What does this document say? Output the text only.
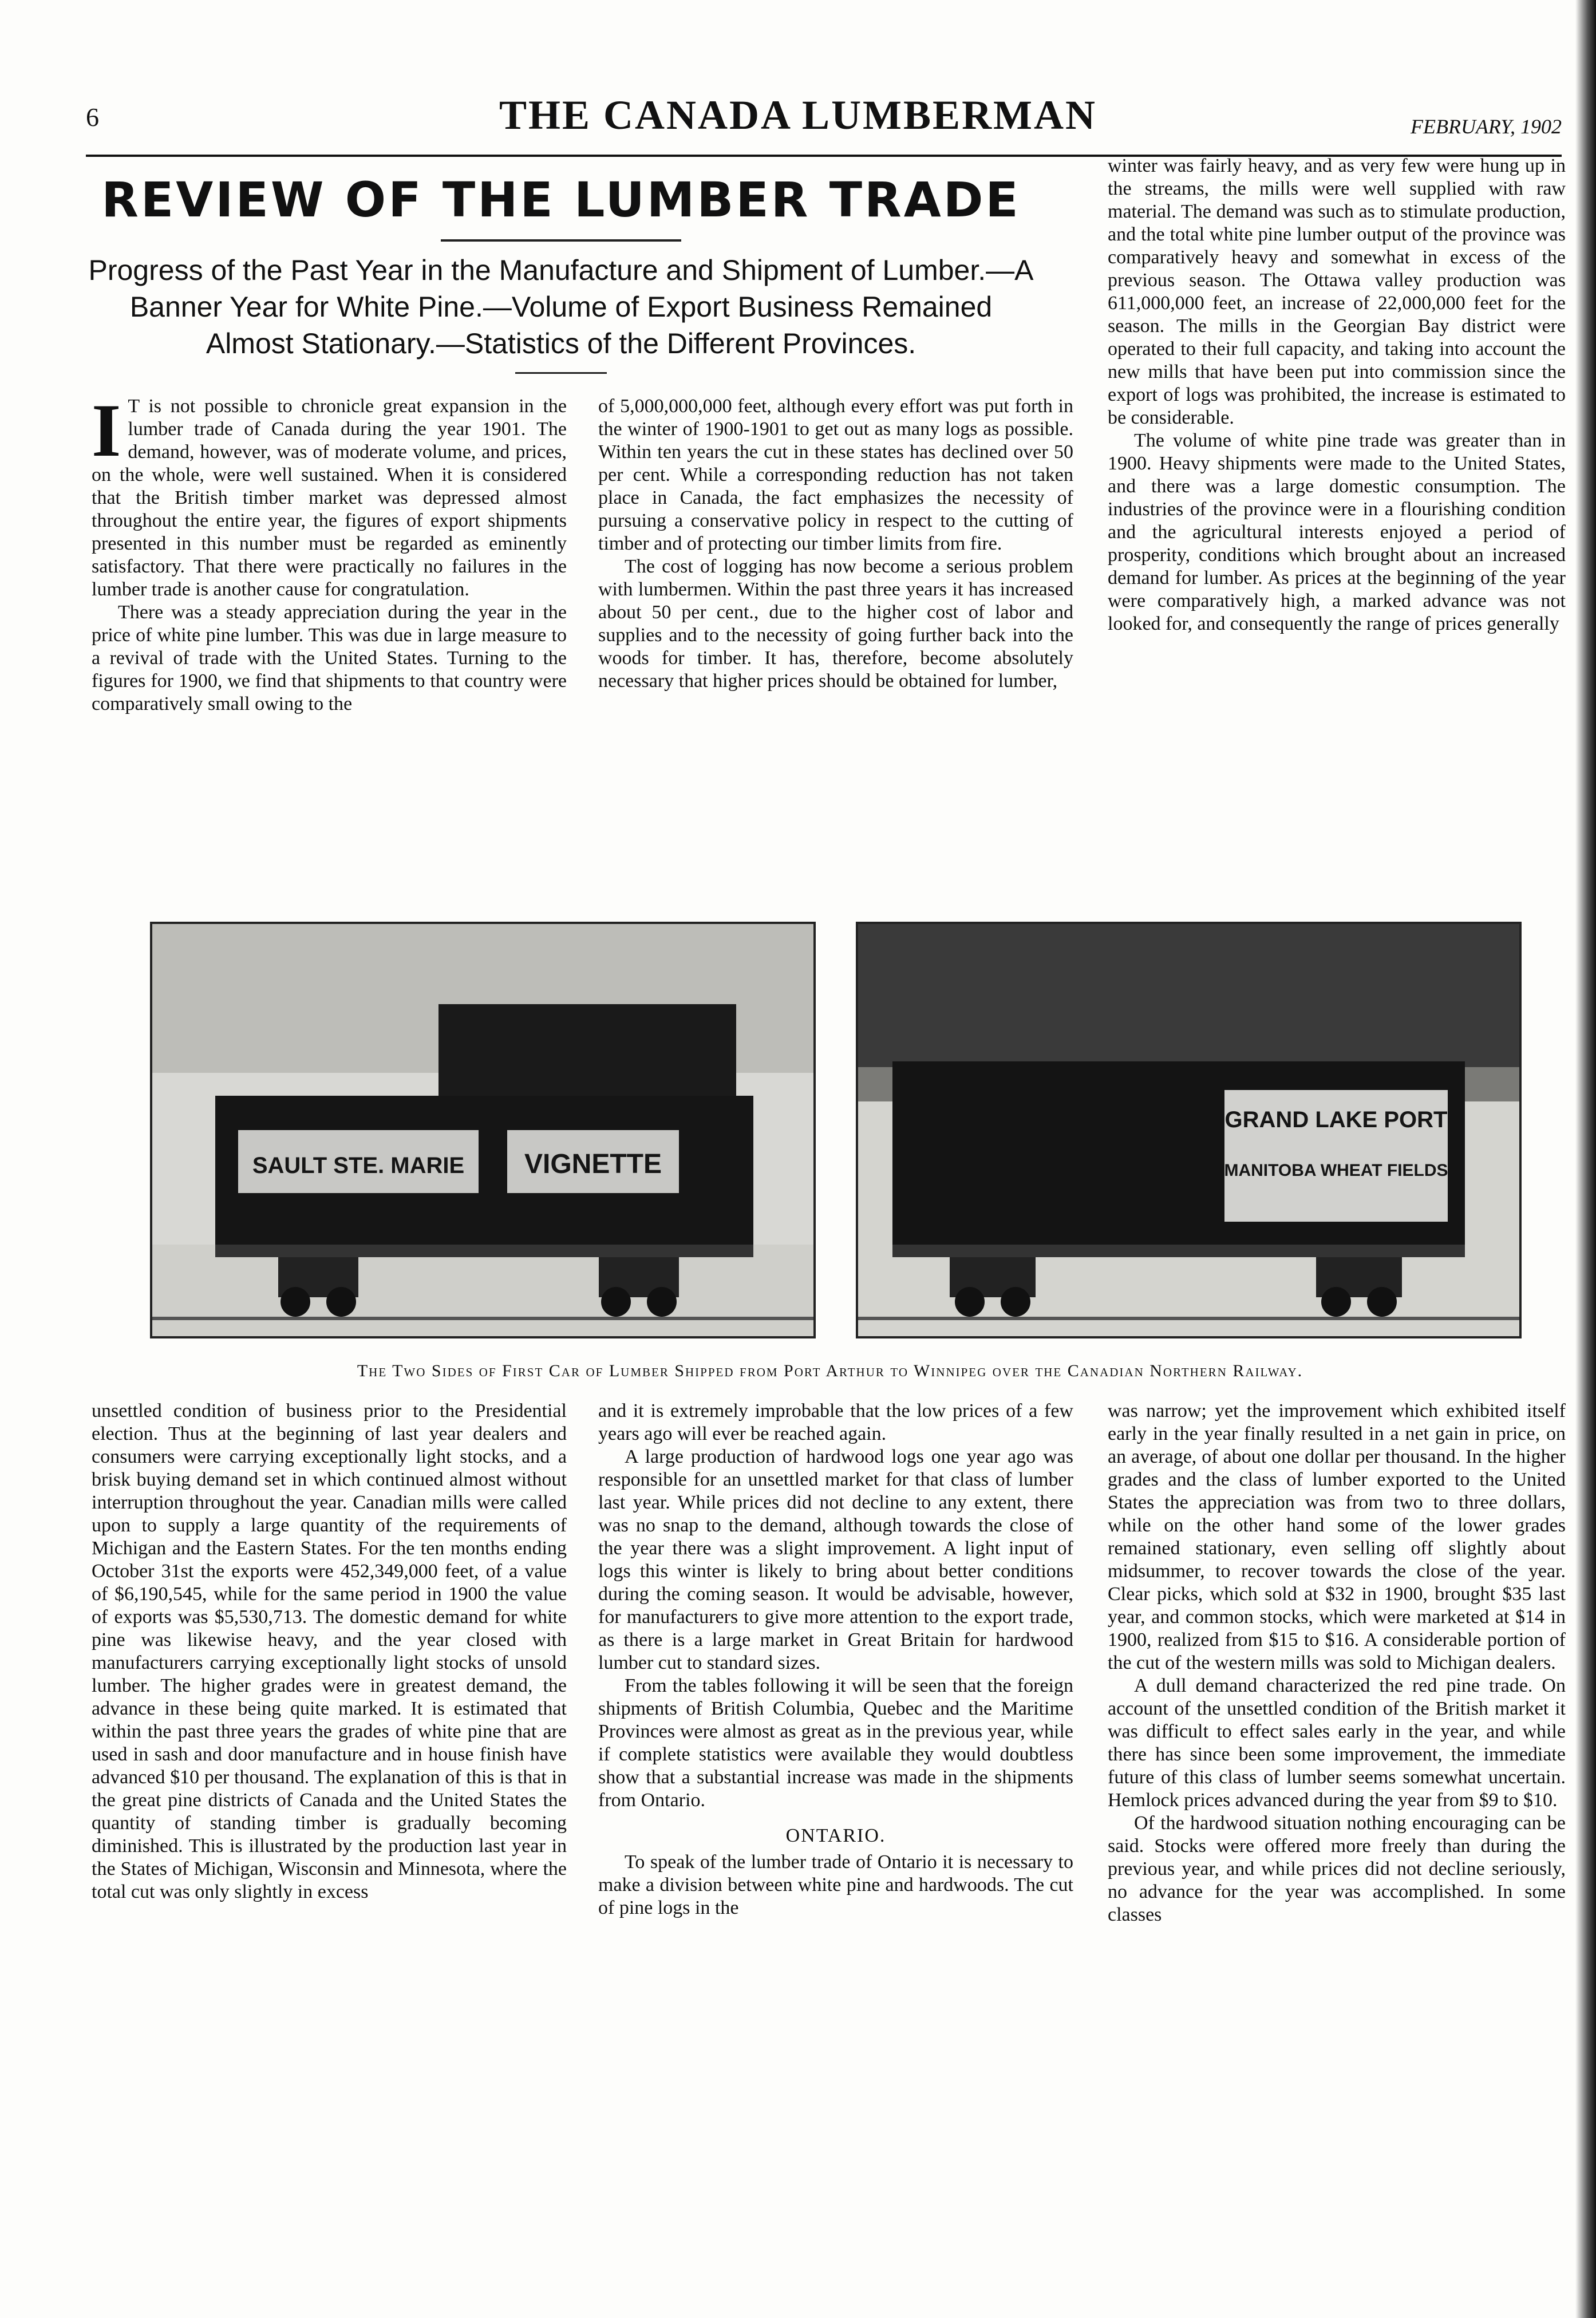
6	THE CANADA LUMBERMAN	FEBRUARY, 1902
REVIEW OF THE LUMBER TRADE
Progress of the Past Year in the Manufacture and Shipment of Lumber.—A Banner Year for White Pine.—Volume of Export Business Remained Almost Stationary.—Statistics of the Different Provinces.

I T is not possible to chronicle great expansion in the lumber trade of Canada during the year 1901. The demand, however, was of moderate volume, and prices, on the whole, were well sustained. When it is considered that the British timber market was depressed almost throughout the entire year, the figures of export shipments presented in this number must be regarded as eminently satisfactory. That there were practically no failures in the lumber trade is another cause for congratulation.

There was a steady appreciation during the year in the price of white pine lumber. This was due in large measure to a revival of trade with the United States. Turning to the figures for 1900, we find that shipments to that country were comparatively small owing to the

of 5,000,000,000 feet, although every effort was put forth in the winter of 1900-1901 to get out as many logs as possible. Within ten years the cut in these states has declined over 50 per cent. While a corresponding reduction has not taken place in Canada, the fact emphasizes the necessity of pursuing a conservative policy in respect to the cutting of timber and of protecting our timber limits from fire.

The cost of logging has now become a serious problem with lumbermen. Within the past three years it has increased about 50 per cent., due to the higher cost of labor and supplies and to the necessity of going further back into the woods for timber. It has, therefore, become absolutely necessary that higher prices should be obtained for lumber,

winter was fairly heavy, and as very few were hung up in the streams, the mills were well supplied with raw material. The demand was such as to stimulate production, and the total white pine lumber output of the province was comparatively heavy and somewhat in excess of the previous season. The Ottawa valley production was 611,000,000 feet, an increase of 22,000,000 feet for the season. The mills in the Georgian Bay district were operated to their full capacity, and taking into account the new mills that have been put into commission since the export of logs was prohibited, the increase is estimated to be considerable.

The volume of white pine trade was greater than in 1900. Heavy shipments were made to the United States, and there was a large domestic consumption. The industries of the province were in a flourishing condition and the agricultural interests enjoyed a period of prosperity, conditions which brought about an increased demand for lumber. As prices at the beginning of the year were comparatively high, a marked advance was not looked for, and consequently the range of prices generally

SAULT STE. MARIE VIGNETTE
GRAND LAKE PORT
MANITOBA WHEAT FIELDS
The Two Sides of First Car of Lumber Shipped from Port Arthur to Winnipeg over the Canadian Northern Railway.

unsettled condition of business prior to the Presidential election. Thus at the beginning of last year dealers and consumers were carrying exceptionally light stocks, and a brisk buying demand set in which continued almost without interruption throughout the year. Canadian mills were called upon to supply a large quantity of the requirements of Michigan and the Eastern States. For the ten months ending October 31st the exports were 452,349,000 feet, of a value of $6,190,545, while for the same period in 1900 the value of exports was $5,530,713. The domestic demand for white pine was likewise heavy, and the year closed with manufacturers carrying exceptionally light stocks of unsold lumber. The higher grades were in greatest demand, the advance in these being quite marked. It is estimated that within the past three years the grades of white pine that are used in sash and door manufacture and in house finish have advanced $10 per thousand. The explanation of this is that in the great pine districts of Canada and the United States the quantity of standing timber is gradually becoming diminished. This is illustrated by the production last year in the States of Michigan, Wisconsin and Minnesota, where the total cut was only slightly in excess

and it is extremely improbable that the low prices of a few years ago will ever be reached again.

A large production of hardwood logs one year ago was responsible for an unsettled market for that class of lumber last year. While prices did not decline to any extent, there was no snap to the demand, although towards the close of the year there was a slight improvement. A light input of logs this winter is likely to bring about better conditions during the coming season. It would be advisable, however, for manufacturers to give more attention to the export trade, as there is a large market in Great Britain for hardwood lumber cut to standard sizes.

From the tables following it will be seen that the foreign shipments of British Columbia, Quebec and the Maritime Provinces were almost as great as in the previous year, while if complete statistics were available they would doubtless show that a substantial increase was made in the shipments from Ontario.

ONTARIO.

To speak of the lumber trade of Ontario it is necessary to make a division between white pine and hardwoods. The cut of pine logs in the

was narrow; yet the improvement which exhibited itself early in the year finally resulted in a net gain in price, on an average, of about one dollar per thousand. In the higher grades and the class of lumber exported to the United States the appreciation was from two to three dollars, while on the other hand some of the lower grades remained stationary, even selling off slightly about midsummer, to recover towards the close of the year. Clear picks, which sold at $32 in 1900, brought $35 last year, and common stocks, which were marketed at $14 in 1900, realized from $15 to $16. A considerable portion of the cut of the western mills was sold to Michigan dealers.

A dull demand characterized the red pine trade. On account of the unsettled condition of the British market it was difficult to effect sales early in the year, and while there has since been some improvement, the immediate future of this class of lumber seems somewhat uncertain. Hemlock prices advanced during the year from $9 to $10.

Of the hardwood situation nothing encouraging can be said. Stocks were offered more freely than during the previous year, and while prices did not decline seriously, no advance for the year was accomplished. In some classes
